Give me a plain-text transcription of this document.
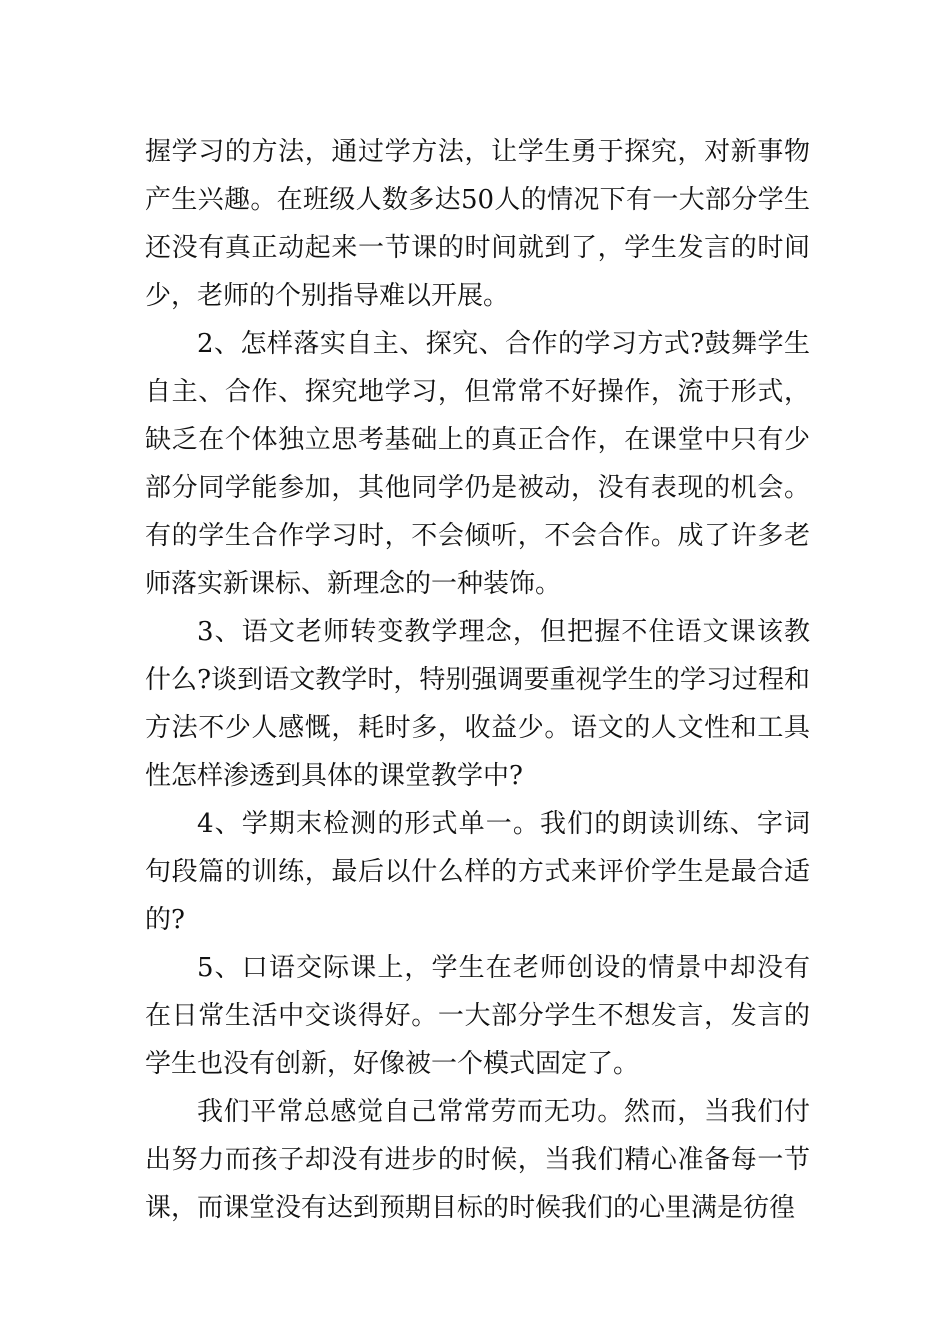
握学习的方法，通过学方法，让学生勇于探究，对新事物产生兴趣。在班级人数多达50人的情况下有一大部分学生还没有真正动起来一节课的时间就到了，学生发言的时间少，老师的个别指导难以开展。

2、怎样落实自主、探究、合作的学习方式?鼓舞学生自主、合作、探究地学习，但常常不好操作，流于形式，缺乏在个体独立思考基础上的真正合作，在课堂中只有少部分同学能参加，其他同学仍是被动，没有表现的机会。有的学生合作学习时，不会倾听，不会合作。成了许多老师落实新课标、新理念的一种装饰。

3、语文老师转变教学理念，但把握不住语文课该教什么?谈到语文教学时，特别强调要重视学生的学习过程和方法不少人感慨，耗时多，收益少。语文的人文性和工具性怎样渗透到具体的课堂教学中?

4、学期末检测的形式单一。我们的朗读训练、字词句段篇的训练，最后以什么样的方式来评价学生是最合适的?

5、口语交际课上，学生在老师创设的情景中却没有在日常生活中交谈得好。一大部分学生不想发言，发言的学生也没有创新，好像被一个模式固定了。

我们平常总感觉自己常常劳而无功。然而，当我们付出努力而孩子却没有进步的时候，当我们精心准备每一节课，而课堂没有达到预期目标的时候我们的心里满是彷徨
